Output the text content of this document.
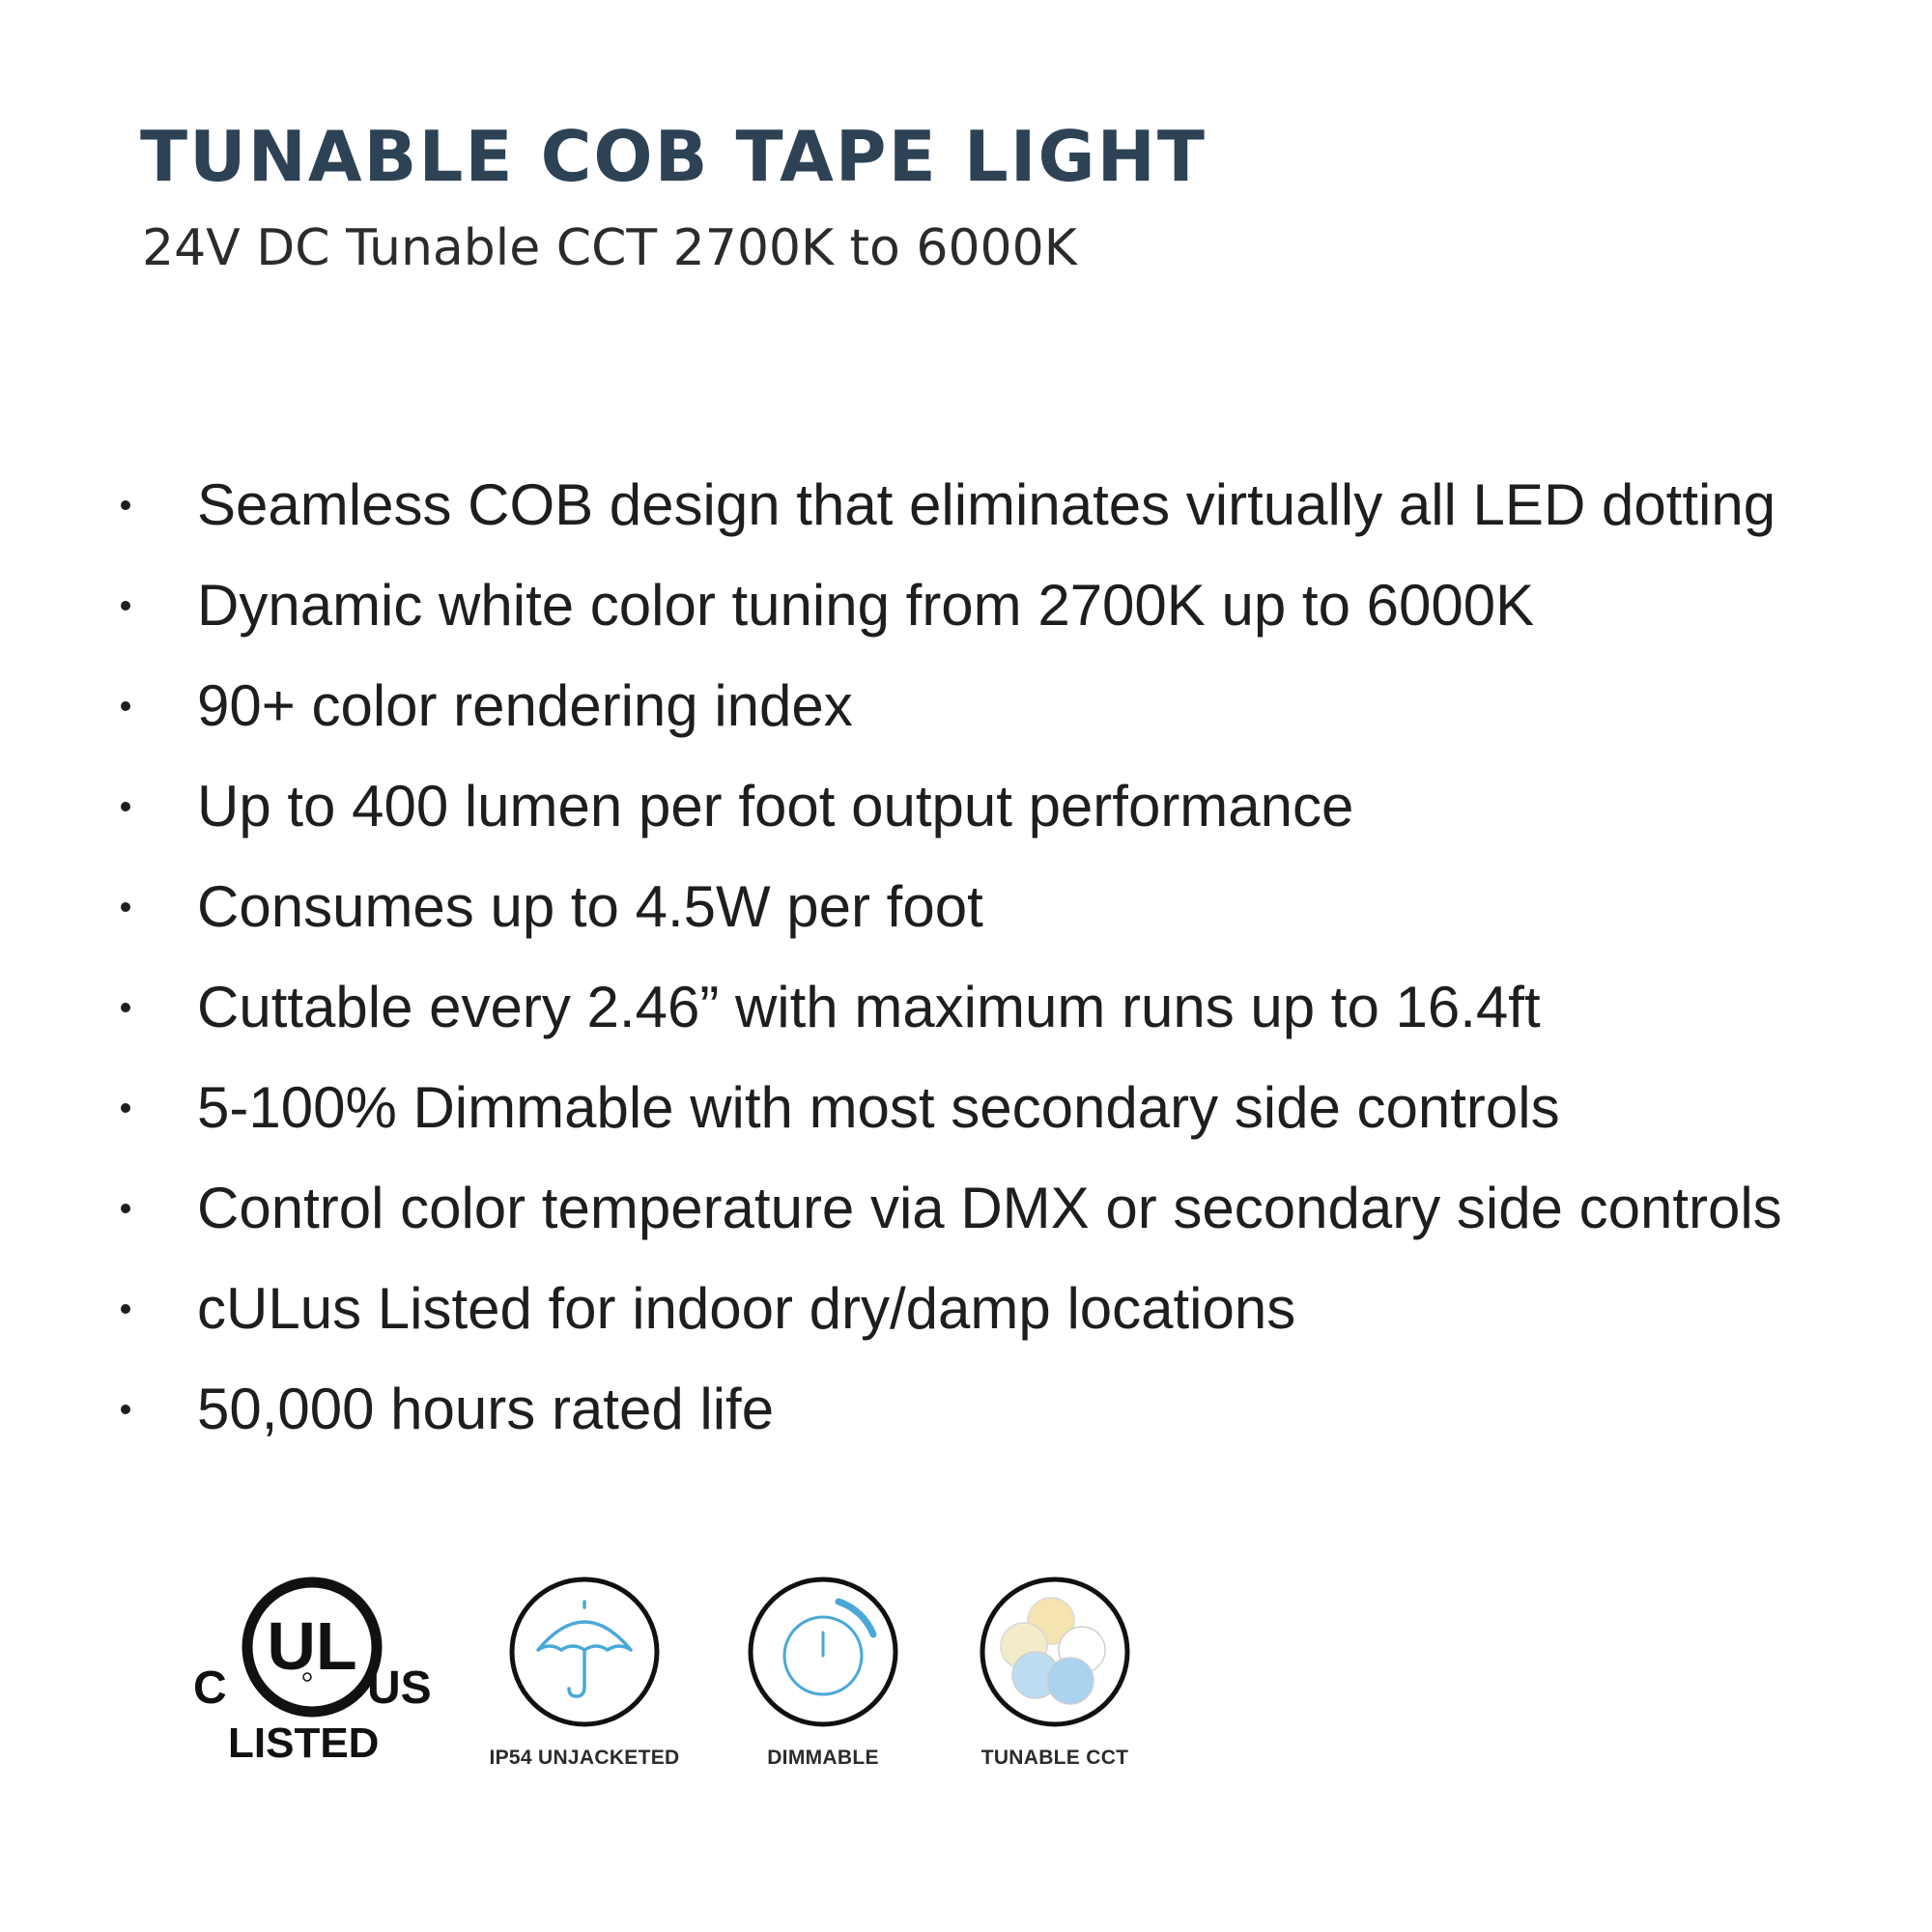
TUNABLE COB TAPE LIGHT

24V DC Tunable CCT 2700K to 6000K

Seamless COB design that eliminates virtually all LED dotting
Dynamic white color tuning from 2700K up to 6000K
90+ color rendering index
Up to 400 lumen per foot output performance
Consumes up to 4.5W per foot
Cuttable every 2.46” with maximum runs up to 16.4ft
5-100% Dimmable with most secondary side controls
Control color temperature via DMX or secondary side controls
cULus Listed for indoor dry/damp locations
50,000 hours rated life
C
UL
US
LISTED	IP54 UNJACKETED	DIMMABLE	TUNABLE CCT
